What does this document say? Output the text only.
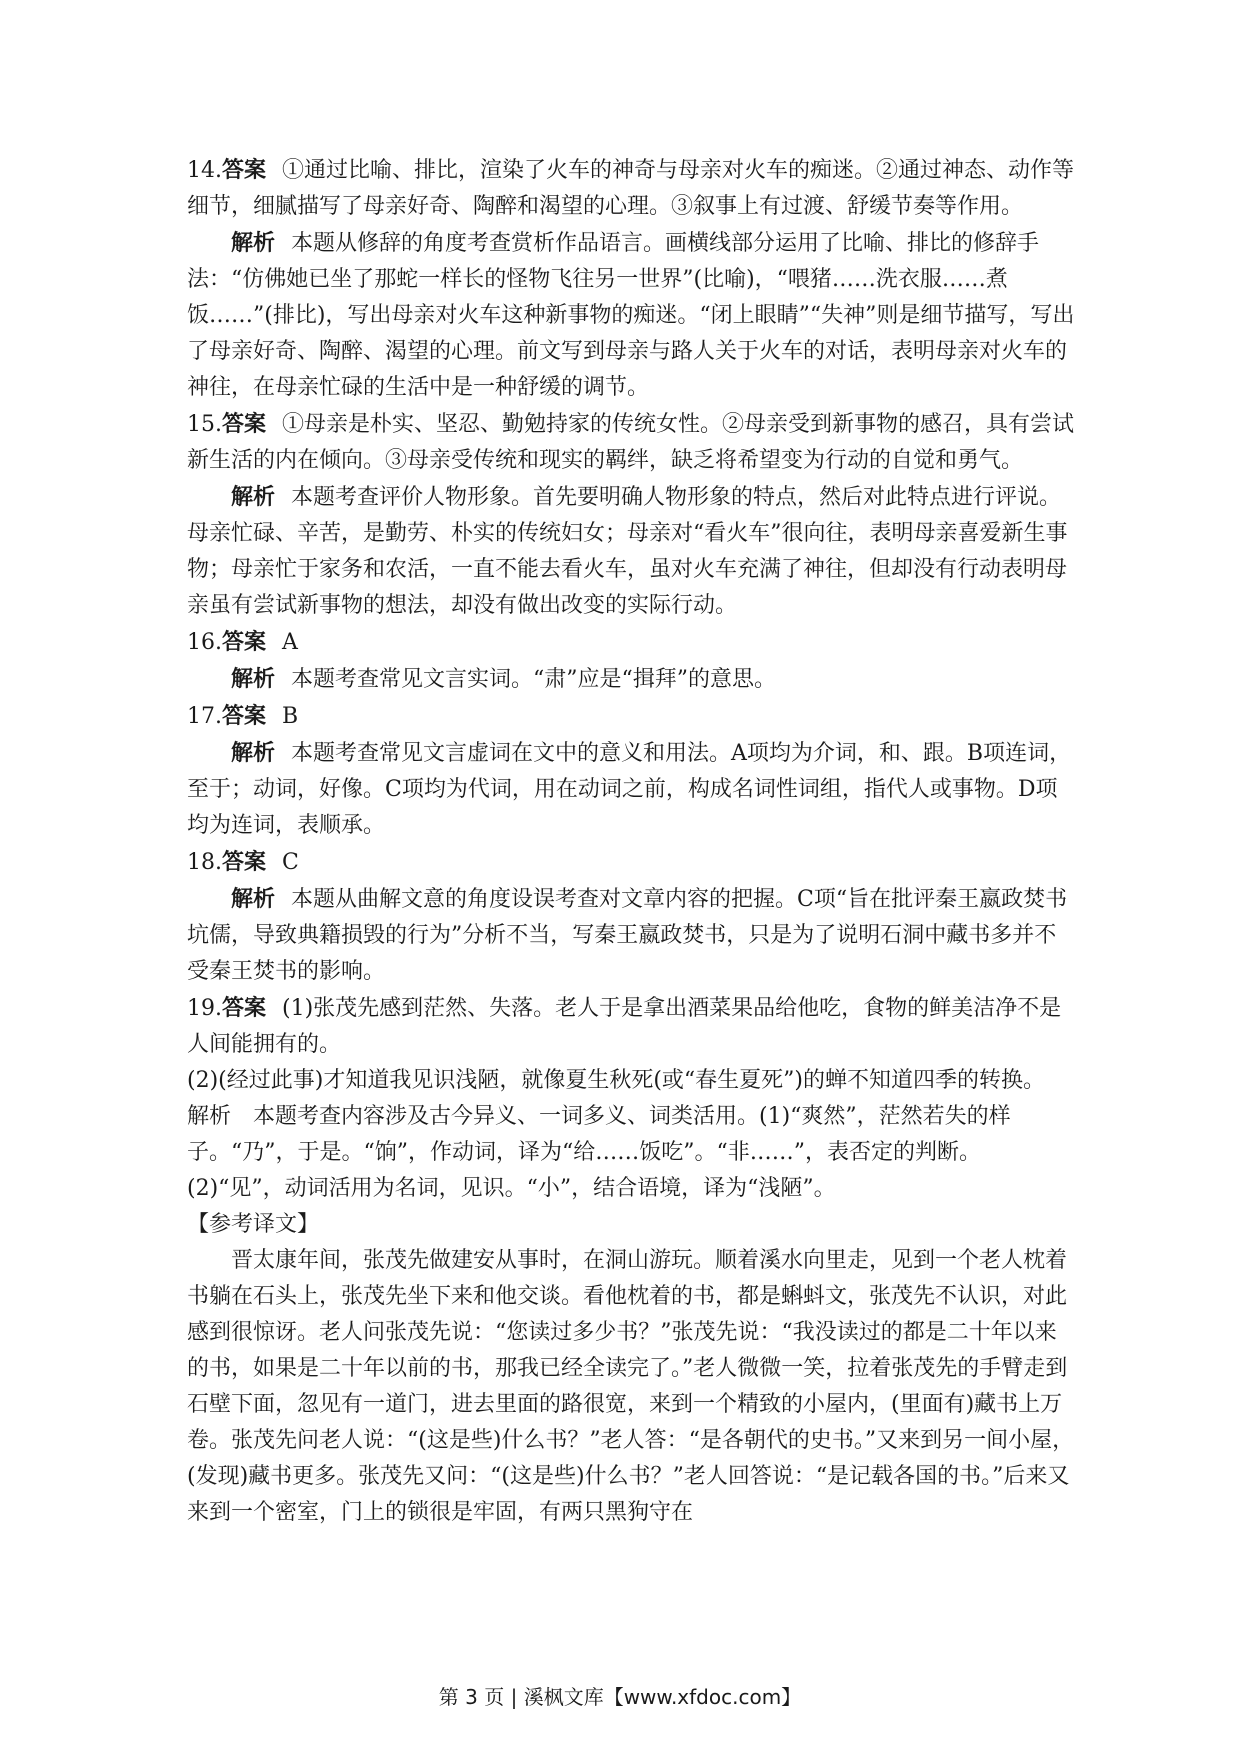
14.答案 ①通过比喻、排比，渲染了火车的神奇与母亲对火车的痴迷。②通过神态、动作等细节，细腻描写了母亲好奇、陶醉和渴望的心理。③叙事上有过渡、舒缓节奏等作用。

解析 本题从修辞的角度考查赏析作品语言。画横线部分运用了比喻、排比的修辞手法：“仿佛她已坐了那蛇一样长的怪物飞往另一世界”(比喻)，“喂猪……洗衣服……煮饭……”(排比)，写出母亲对火车这种新事物的痴迷。“闭上眼睛”“失神”则是细节描写，写出了母亲好奇、陶醉、渴望的心理。前文写到母亲与路人关于火车的对话，表明母亲对火车的神往，在母亲忙碌的生活中是一种舒缓的调节。

15.答案 ①母亲是朴实、坚忍、勤勉持家的传统女性。②母亲受到新事物的感召，具有尝试新生活的内在倾向。③母亲受传统和现实的羁绊，缺乏将希望变为行动的自觉和勇气。

解析 本题考查评价人物形象。首先要明确人物形象的特点，然后对此特点进行评说。母亲忙碌、辛苦，是勤劳、朴实的传统妇女；母亲对“看火车”很向往，表明母亲喜爱新生事物；母亲忙于家务和农活，一直不能去看火车，虽对火车充满了神往，但却没有行动表明母亲虽有尝试新事物的想法，却没有做出改变的实际行动。

16.答案 A

解析 本题考查常见文言实词。“肃”应是“揖拜”的意思。

17.答案 B

解析 本题考查常见文言虚词在文中的意义和用法。A项均为介词，和、跟。B项连词，至于；动词，好像。C项均为代词，用在动词之前，构成名词性词组，指代人或事物。D项均为连词，表顺承。

18.答案 C

解析 本题从曲解文意的角度设误考查对文章内容的把握。C项“旨在批评秦王嬴政焚书坑儒，导致典籍损毁的行为”分析不当，写秦王嬴政焚书，只是为了说明石洞中藏书多并不受秦王焚书的影响。

19.答案 (1)张茂先感到茫然、失落。老人于是拿出酒菜果品给他吃，食物的鲜美洁净不是人间能拥有的。

(2)(经过此事)才知道我见识浅陋，就像夏生秋死(或“春生夏死”)的蝉不知道四季的转换。

解析　本题考查内容涉及古今异义、一词多义、词类活用。(1)“爽然”，茫然若失的样子。“乃”，于是。“饷”，作动词，译为“给……饭吃”。“非……”，表否定的判断。(2)“见”，动词活用为名词，见识。“小”，结合语境，译为“浅陋”。

【参考译文】

晋太康年间，张茂先做建安从事时，在洞山游玩。顺着溪水向里走，见到一个老人枕着书躺在石头上，张茂先坐下来和他交谈。看他枕着的书，都是蝌蚪文，张茂先不认识，对此感到很惊讶。老人问张茂先说：“您读过多少书？”张茂先说：“我没读过的都是二十年以来的书，如果是二十年以前的书，那我已经全读完了。”老人微微一笑，拉着张茂先的手臂走到石壁下面，忽见有一道门，进去里面的路很宽，来到一个精致的小屋内，(里面有)藏书上万卷。张茂先问老人说：“(这是些)什么书？”老人答：“是各朝代的史书。”又来到另一间小屋，(发现)藏书更多。张茂先又问：“(这是些)什么书？”老人回答说：“是记载各国的书。”后来又来到一个密室，门上的锁很是牢固，有两只黑狗守在

第 3 页 | 溪枫文库【www.xfdoc.com】
